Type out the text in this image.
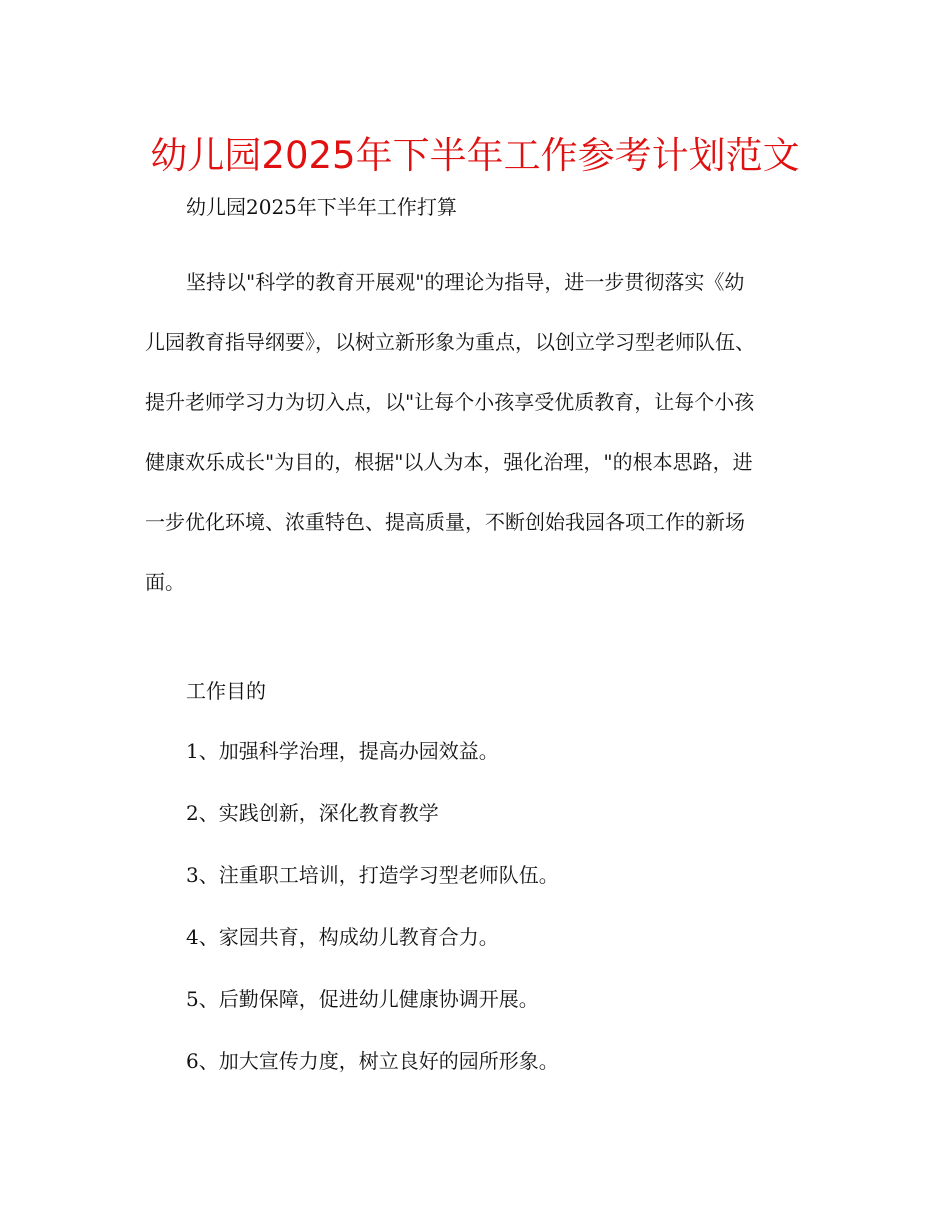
幼儿园2025年下半年工作参考计划范文
幼儿园2025年下半年工作打算
坚持以"科学的教育开展观"的理论为指导，进一步贯彻落实《幼
儿园教育指导纲要》，以树立新形象为重点，以创立学习型老师队伍、
提升老师学习力为切入点，以"让每个小孩享受优质教育，让每个小孩
健康欢乐成长"为目的，根据"以人为本，强化治理，"的根本思路，进
一步优化环境、浓重特色、提高质量，不断创始我园各项工作的新场
面。
工作目的
1、加强科学治理，提高办园效益。
2、实践创新，深化教育教学
3、注重职工培训，打造学习型老师队伍。
4、家园共育，构成幼儿教育合力。
5、后勤保障，促进幼儿健康协调开展。
6、加大宣传力度，树立良好的园所形象。
